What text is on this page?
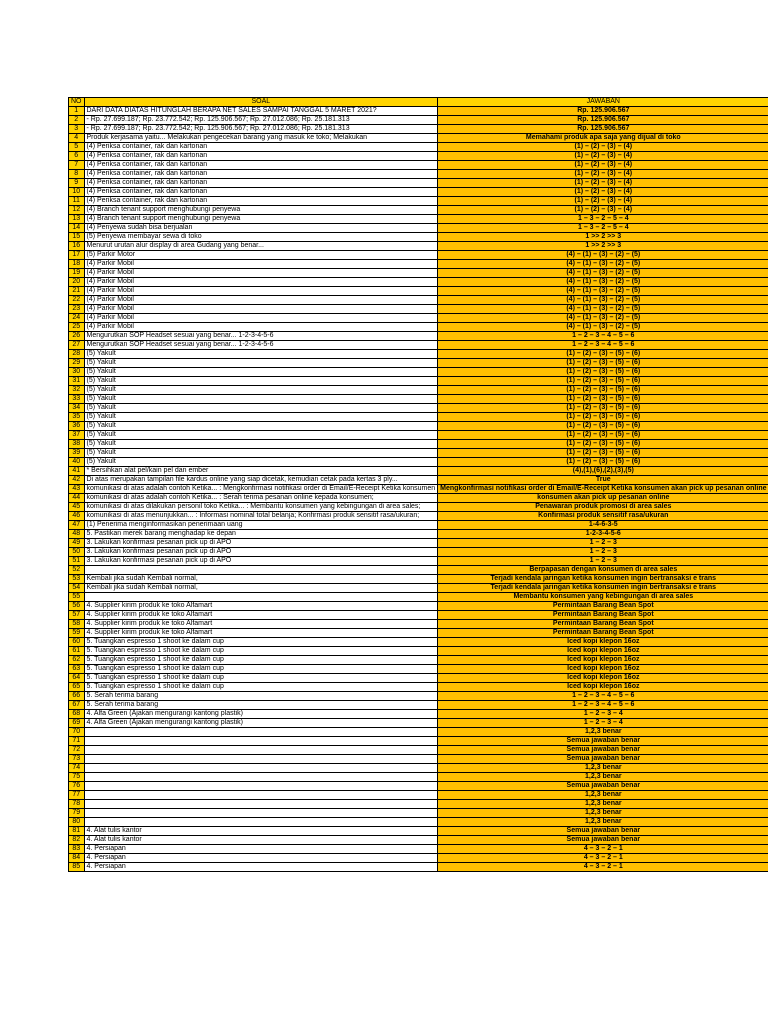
NO	SOAL	JAWABAN
1	DARI DATA DIATAS HITUNGLAH BERAPA NET SALES SAMPAI TANGGAL 5 MARET 2021?	Rp. 125.906.567
2	- Rp. 27.699.187; Rp. 23.772.542; Rp. 125.906.567; Rp. 27.012.086; Rp. 25.181.313	Rp. 125.906.567
3	- Rp. 27.699.187; Rp. 23.772.542; Rp. 125.906.567; Rp. 27.012.086; Rp. 25.181.313	Rp. 125.906.567
4	Produk kerjasama yaitu... Melakukan pengecekan barang yang masuk ke toko; Melakukan	Memahami produk apa saja yang dijual di toko
5	(4) Periksa container, rak dan kartonan	(1) – (2) – (3) – (4)
6	(4) Periksa container, rak dan kartonan	(1) – (2) – (3) – (4)
7	(4) Periksa container, rak dan kartonan	(1) – (2) – (3) – (4)
8	(4) Periksa container, rak dan kartonan	(1) – (2) – (3) – (4)
9	(4) Periksa container, rak dan kartonan	(1) – (2) – (3) – (4)
10	(4) Periksa container, rak dan kartonan	(1) – (2) – (3) – (4)
11	(4) Periksa container, rak dan kartonan	(1) – (2) – (3) – (4)
12	(4) Branch tenant support menghubungi penyewa	(1) – (2) – (3) – (4)
13	(4) Branch tenant support menghubungi penyewa	1 – 3 – 2 – 5 – 4
14	(4) Penyewa sudah bisa berjualan	1 – 3 – 2 – 5 – 4
15	(5) Penyewa membayar sewa di toko	1 >> 2 >> 3
16	Menurut urutan alur display di area Gudang yang benar...	1 >> 2 >> 3
17	(5) Parkir Motor	(4) – (1) – (3) – (2) – (5)
18	(4) Parkir Mobil	(4) – (1) – (3) – (2) – (5)
19	(4) Parkir Mobil	(4) – (1) – (3) – (2) – (5)
20	(4) Parkir Mobil	(4) – (1) – (3) – (2) – (5)
21	(4) Parkir Mobil	(4) – (1) – (3) – (2) – (5)
22	(4) Parkir Mobil	(4) – (1) – (3) – (2) – (5)
23	(4) Parkir Mobil	(4) – (1) – (3) – (2) – (5)
24	(4) Parkir Mobil	(4) – (1) – (3) – (2) – (5)
25	(4) Parkir Mobil	(4) – (1) – (3) – (2) – (5)
26	Mengurutkan SOP Headset sesuai yang benar... 1-2-3-4-5-6	1 – 2 – 3 – 4 – 5 – 6
27	Mengurutkan SOP Headset sesuai yang benar... 1-2-3-4-5-6	1 – 2 – 3 – 4 – 5 – 6
28	(5) Yakult	(1) – (2) – (3) – (5) – (6)
29	(5) Yakult	(1) – (2) – (3) – (5) – (6)
30	(5) Yakult	(1) – (2) – (3) – (5) – (6)
31	(5) Yakult	(1) – (2) – (3) – (5) – (6)
32	(5) Yakult	(1) – (2) – (3) – (5) – (6)
33	(5) Yakult	(1) – (2) – (3) – (5) – (6)
34	(5) Yakult	(1) – (2) – (3) – (5) – (6)
35	(5) Yakult	(1) – (2) – (3) – (5) – (6)
36	(5) Yakult	(1) – (2) – (3) – (5) – (6)
37	(5) Yakult	(1) – (2) – (3) – (5) – (6)
38	(5) Yakult	(1) – (2) – (3) – (5) – (6)
39	(5) Yakult	(1) – (2) – (3) – (5) – (6)
40	(5) Yakult	(1) – (2) – (3) – (5) – (6)
41	* Bersihkan alat pel/kain pel dan ember	(4),(1),(6),(2),(3),(5)
42	Di atas merupakan tampilan file kardus online yang siap dicetak, kemudian cetak pada kertas 3 ply...	True
43	komunikasi di atas adalah contoh Ketika... : Mengkonfirmasi notifikasi order di Email/E-Receipt Ketika konsumen	Mengkonfirmasi notifikasi order di Email/E-Receipt Ketika konsumen akan pick up pesanan online
44	komunikasi di atas adalah contoh Ketika... : Serah terima pesanan online kepada konsumen;	konsumen akan pick up pesanan online
45	komunikasi di atas dilakukan personil toko Ketika... : Membantu konsumen yang kebingungan di area sales;	Penawaran produk promosi di area sales
46	komunikasi di atas menunjukkan... : Informasi nominal total belanja; Konfirmasi produk sensitif rasa/ukuran;	Konfirmasi produk sensitif rasa/ukuran
47	(1) Penerima menginformasikan penerimaan uang	1-4-6-3-5
48	5. Pastikan merek barang menghadap ke depan	1-2-3-4-5-6
49	3. Lakukan konfirmasi pesanan pick up di APO	1 – 2 – 3
50	3. Lakukan konfirmasi pesanan pick up di APO	1 – 2 – 3
51	3. Lakukan konfirmasi pesanan pick up di APO	1 – 2 – 3
52		Berpapasan dengan konsumen di area sales
53	Kembali jika sudah Kembali normal,	Terjadi kendala jaringan ketika konsumen ingin bertransaksi e trans
54	Kembali jika sudah Kembali normal,	Terjadi kendala jaringan ketika konsumen ingin bertransaksi e trans
55		Membantu konsumen yang kebingungan di area sales
56	4. Supplier kirim produk ke toko Alfamart	Permintaan Barang Bean Spot
57	4. Supplier kirim produk ke toko Alfamart	Permintaan Barang Bean Spot
58	4. Supplier kirim produk ke toko Alfamart	Permintaan Barang Bean Spot
59	4. Supplier kirim produk ke toko Alfamart	Permintaan Barang Bean Spot
60	5. Tuangkan espresso 1 shoot ke dalam cup	Iced kopi klepon 16oz
61	5. Tuangkan espresso 1 shoot ke dalam cup	Iced kopi klepon 16oz
62	5. Tuangkan espresso 1 shoot ke dalam cup	Iced kopi klepon 16oz
63	5. Tuangkan espresso 1 shoot ke dalam cup	Iced kopi klepon 16oz
64	5. Tuangkan espresso 1 shoot ke dalam cup	Iced kopi klepon 16oz
65	5. Tuangkan espresso 1 shoot ke dalam cup	Iced kopi klepon 16oz
66	5. Serah terima barang	1 – 2 – 3 – 4 – 5 – 6
67	5. Serah terima barang	1 – 2 – 3 – 4 – 5 – 6
68	4. Alfa Green (Ajakan mengurangi kantong plastik)	1 – 2 – 3 – 4
69	4. Alfa Green (Ajakan mengurangi kantong plastik)	1 – 2 – 3 – 4
70		1,2,3 benar
71		Semua jawaban benar
72		Semua jawaban benar
73		Semua jawaban benar
74		1,2,3 benar
75		1,2,3 benar
76		Semua jawaban benar
77		1,2,3 benar
78		1,2,3 benar
79		1,2,3 benar
80		1,2,3 benar
81	4. Alat tulis kantor	Semua jawaban benar
82	4. Alat tulis kantor	Semua jawaban benar
83	4. Persiapan	4 – 3 – 2 – 1
84	4. Persiapan	4 – 3 – 2 – 1
85	4. Persiapan	4 – 3 – 2 – 1
